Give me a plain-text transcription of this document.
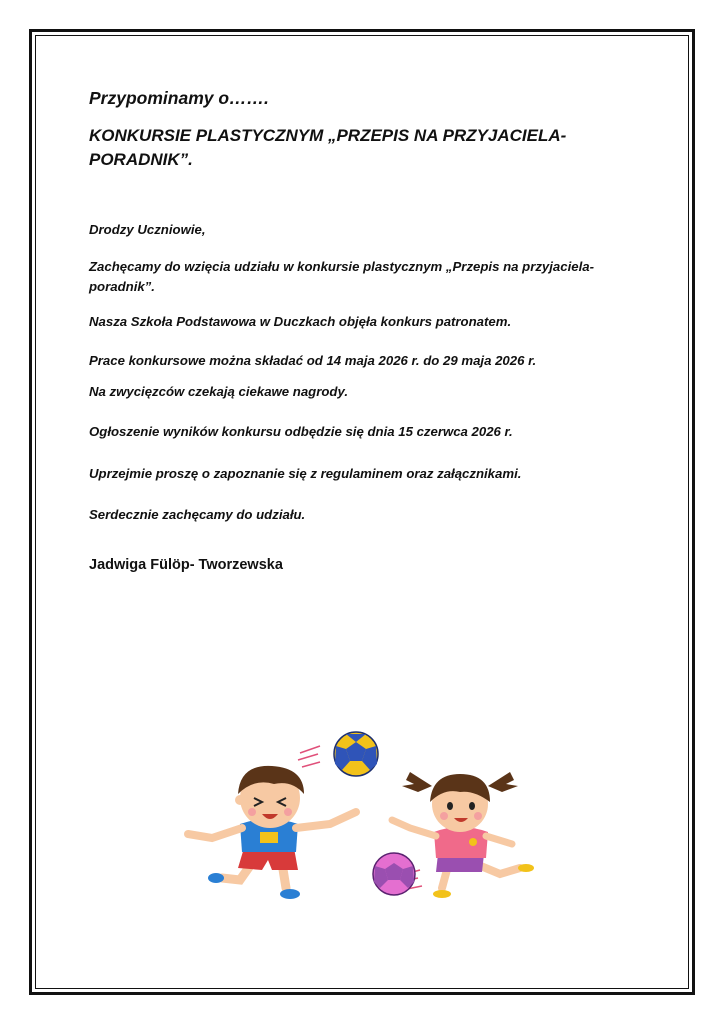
Przypominamy o…….
KONKURSIE PLASTYCZNYM „PRZEPIS NA PRZYJACIELA- PORADNIK”.
Drodzy Uczniowie,
Zachęcamy do wzięcia udziału w konkursie plastycznym „Przepis na przyjaciela- poradnik”.
Nasza Szkoła Podstawowa w Duczkach objęła konkurs patronatem.
Prace konkursowe można składać od 14 maja 2026 r. do 29 maja 2026 r.
Na zwycięzców czekają ciekawe nagrody.
Ogłoszenie wyników konkursu odbędzie się dnia 15 czerwca 2026 r.
Uprzejmie proszę o zapoznanie się z regulaminem oraz załącznikami.
Serdecznie zachęcamy do udziału.
Jadwiga Fülöp- Tworzewska
